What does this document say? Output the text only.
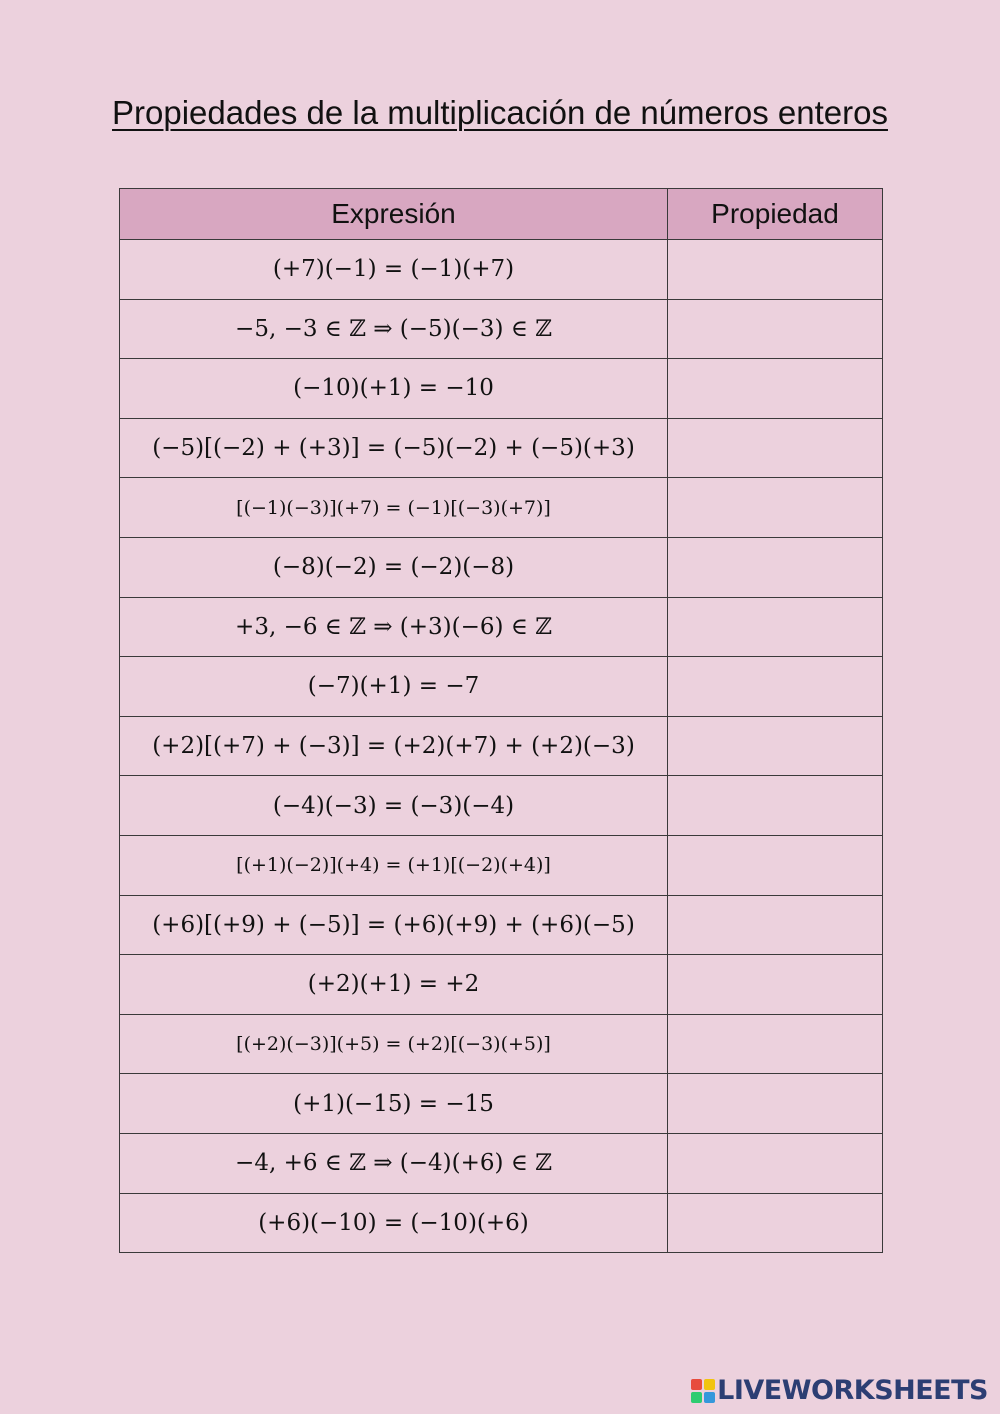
Propiedades de la multiplicación de números enteros
Expresión	Propiedad
(+7)(−1) = (−1)(+7)	
−5, −3 ∈ ℤ ⇒ (−5)(−3) ∈ ℤ	
(−10)(+1) = −10	
(−5)[(−2) + (+3)] = (−5)(−2) + (−5)(+3)	
[(−1)(−3)](+7) = (−1)[(−3)(+7)]	
(−8)(−2) = (−2)(−8)	
+3, −6 ∈ ℤ ⇒ (+3)(−6) ∈ ℤ	
(−7)(+1) = −7	
(+2)[(+7) + (−3)] = (+2)(+7) + (+2)(−3)	
(−4)(−3) = (−3)(−4)	
[(+1)(−2)](+4) = (+1)[(−2)(+4)]	
(+6)[(+9) + (−5)] = (+6)(+9) + (+6)(−5)	
(+2)(+1) = +2	
[(+2)(−3)](+5) = (+2)[(−3)(+5)]	
(+1)(−15) = −15	
−4, +6 ∈ ℤ ⇒ (−4)(+6) ∈ ℤ	
(+6)(−10) = (−10)(+6)	
LIVEWORKSHEETS
